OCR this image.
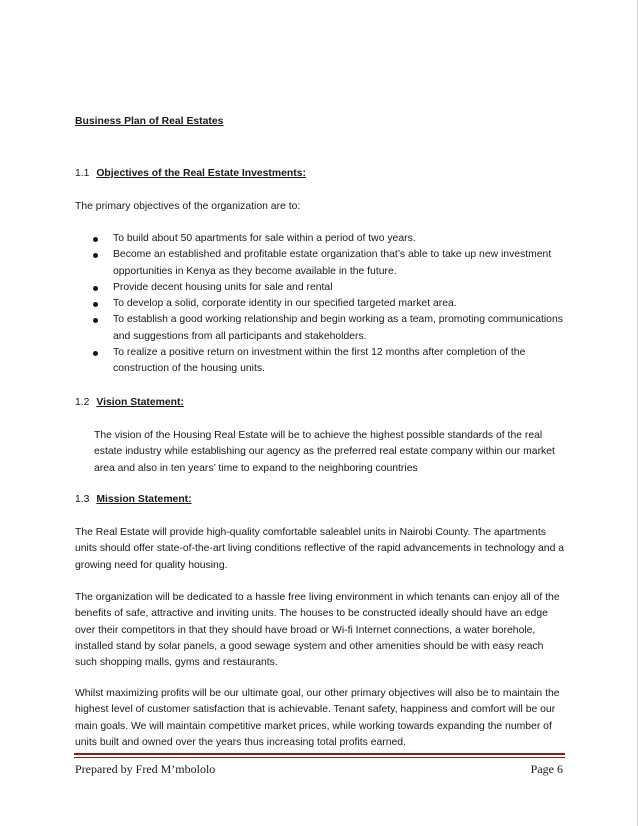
Business Plan of Real Estates
1.1 Objectives of the Real Estate Investments:
The primary objectives of the organization are to:
To build about 50 apartments for sale within a period of two years.
Become an established and profitable estate organization that’s able to take up new investment opportunities in Kenya as they become available in the future.
Provide decent housing units for sale and rental
To develop a solid, corporate identity in our specified targeted market area.
To establish a good working relationship and begin working as a team, promoting communications and suggestions from all participants and stakeholders.
To realize a positive return on investment within the first 12 months after completion of the construction of the housing units.
1.2 Vision Statement:
The vision of the Housing Real Estate will be to achieve the highest possible standards of the real estate industry while establishing our agency as the preferred real estate company within our market area and also in ten years’ time to expand to the neighboring countries
1.3 Mission Statement:
The Real Estate will provide high-quality comfortable saleablel units in Nairobi County. The apartments units should offer state-of-the-art living conditions reflective of the rapid advancements in technology and a growing need for quality housing.
The organization will be dedicated to a hassle free living environment in which tenants can enjoy all of the benefits of safe, attractive and inviting units. The houses to be constructed ideally should have an edge over their competitors in that they should have broad or Wi-fi Internet connections, a water borehole, installed stand by solar panels, a good sewage system and other amenities should be with easy reach such shopping malls, gyms and restaurants.
Whilst maximizing profits will be our ultimate goal, our other primary objectives will also be to maintain the highest level of customer satisfaction that is achievable. Tenant safety, happiness and comfort will be our main goals. We will maintain competitive market prices, while working towards expanding the number of units built and owned over the years thus increasing total profits earned.
Prepared by Fred M’mbololo	Page 6
